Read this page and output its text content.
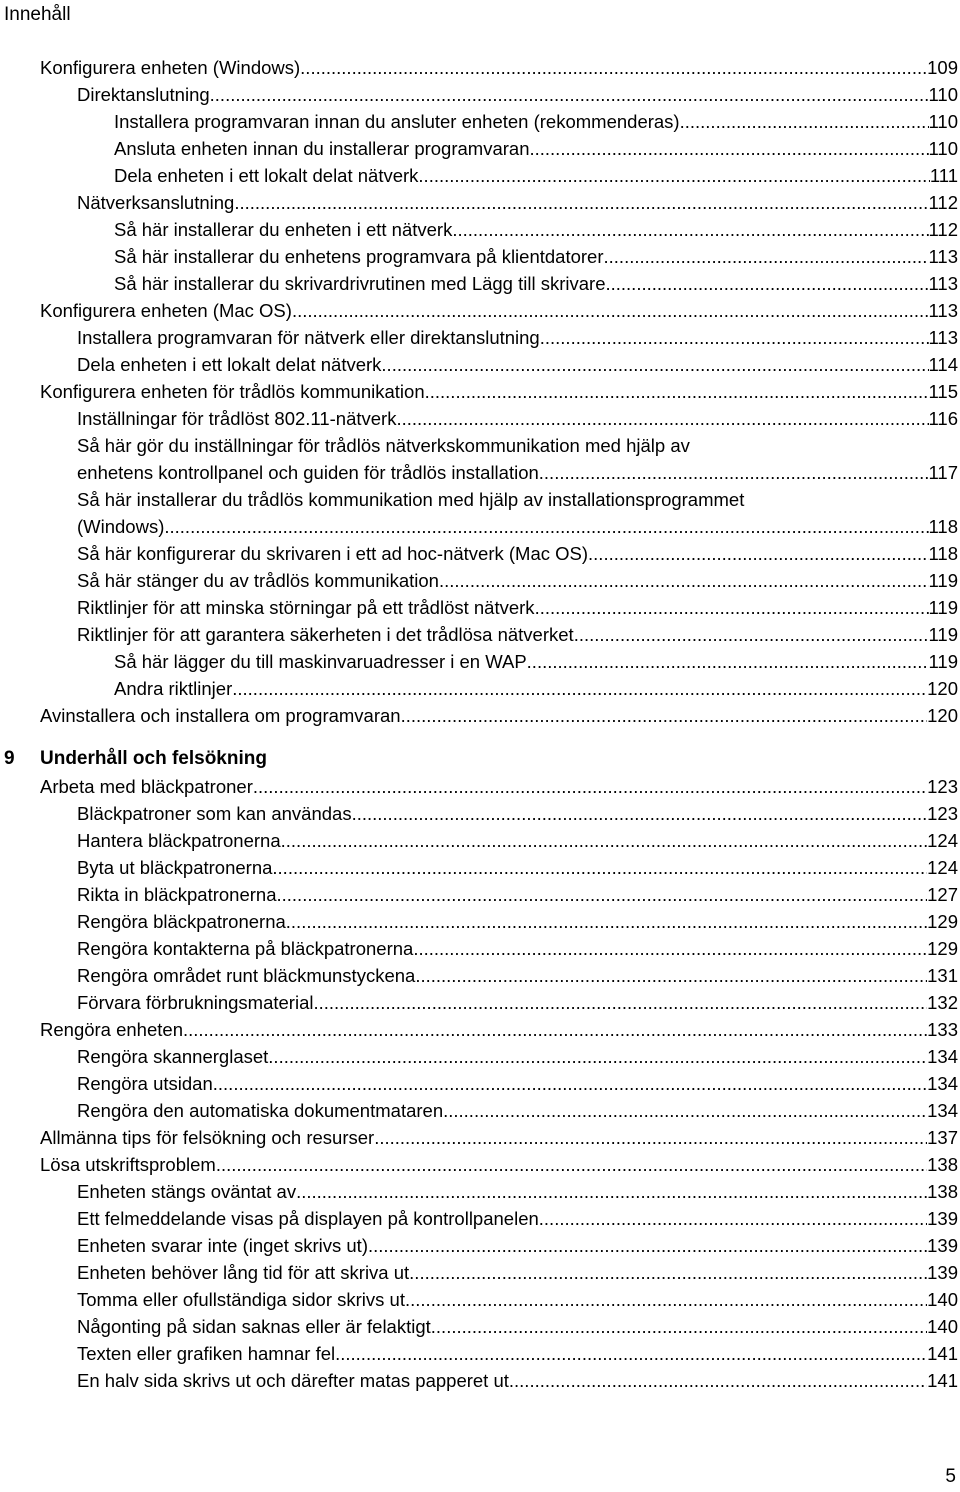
Innehåll
Konfigurera enheten (Windows) .....	109
Direktanslutning .....	110
Installera programvaran innan du ansluter enheten (rekommenderas) .....	110
Ansluta enheten innan du installerar programvaran .....	110
Dela enheten i ett lokalt delat nätverk .....	111
Nätverksanslutning .....	112
Så här installerar du enheten i ett nätverk .....	112
Så här installerar du enhetens programvara på klientdatorer .....	113
Så här installerar du skrivardrivrutinen med Lägg till skrivare .....	113
Konfigurera enheten (Mac OS) .....	113
Installera programvaran för nätverk eller direktanslutning .....	113
Dela enheten i ett lokalt delat nätverk .....	114
Konfigurera enheten för trådlös kommunikation .....	115
Inställningar för trådlöst 802.11-nätverk .....	116
Så här gör du inställningar för trådlös nätverkskommunikation med hjälp av
enhetens kontrollpanel och guiden för trådlös installation .....	117
Så här installerar du trådlös kommunikation med hjälp av installationsprogrammet
(Windows) .....	118
Så här konfigurerar du skrivaren i ett ad hoc-nätverk (Mac OS) .....	118
Så här stänger du av trådlös kommunikation .....	119
Riktlinjer för att minska störningar på ett trådlöst nätverk .....	119
Riktlinjer för att garantera säkerheten i det trådlösa nätverket .....	119
Så här lägger du till maskinvaruadresser i en WAP .....	119
Andra riktlinjer .....	120
Avinstallera och installera om programvaran .....	120
9 Underhåll och felsökning
Arbeta med bläckpatroner .....	123
Bläckpatroner som kan användas .....	123
Hantera bläckpatronerna .....	124
Byta ut bläckpatronerna .....	124
Rikta in bläckpatronerna .....	127
Rengöra bläckpatronerna .....	129
Rengöra kontakterna på bläckpatronerna .....	129
Rengöra området runt bläckmunstyckena .....	131
Förvara förbrukningsmaterial .....	132
Rengöra enheten .....	133
Rengöra skannerglaset .....	134
Rengöra utsidan .....	134
Rengöra den automatiska dokumentmataren .....	134
Allmänna tips för felsökning och resurser .....	137
Lösa utskriftsproblem .....	138
Enheten stängs oväntat av .....	138
Ett felmeddelande visas på displayen på kontrollpanelen .....	139
Enheten svarar inte (inget skrivs ut) .....	139
Enheten behöver lång tid för att skriva ut .....	139
Tomma eller ofullständiga sidor skrivs ut .....	140
Någonting på sidan saknas eller är felaktigt .....	140
Texten eller grafiken hamnar fel .....	141
En halv sida skrivs ut och därefter matas papperet ut .....	141
5
